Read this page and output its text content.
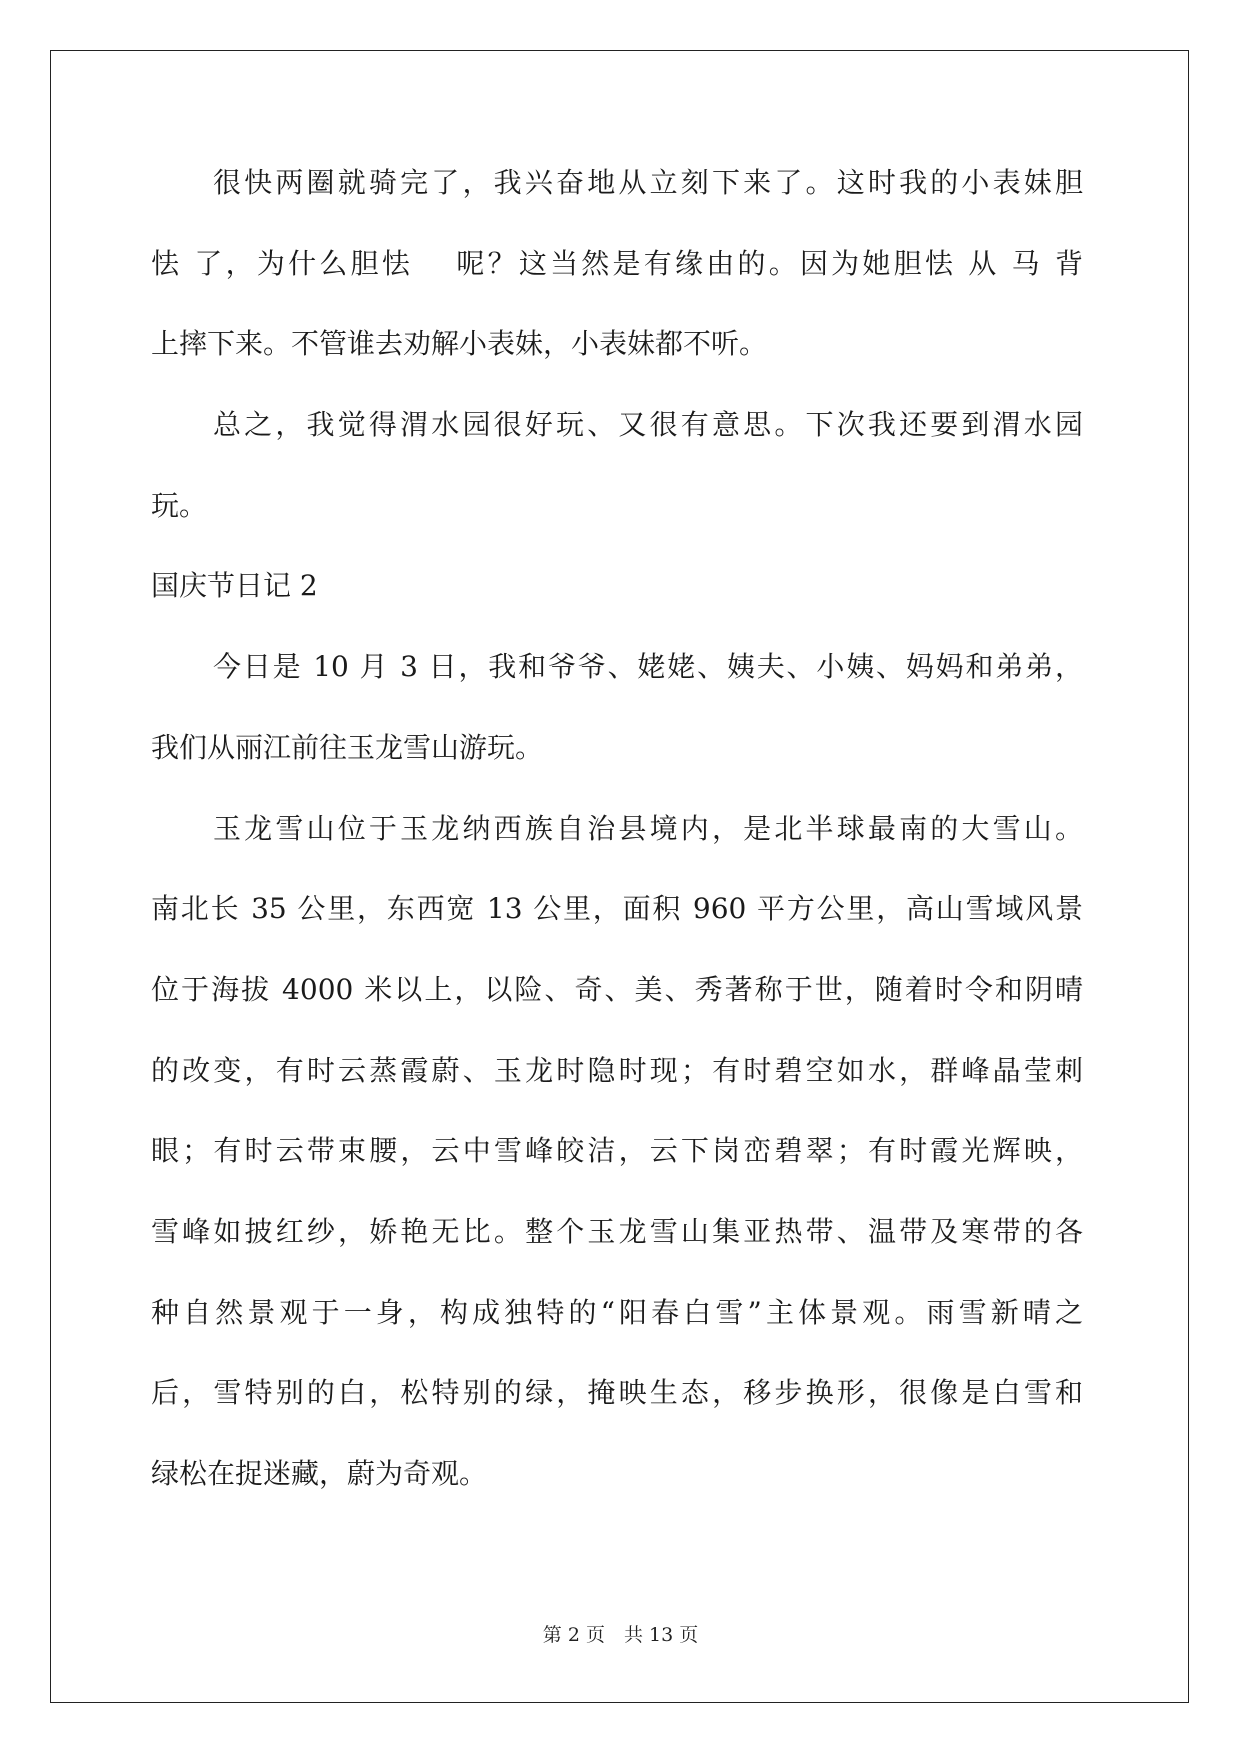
很快两圈就骑完了，我兴奋地从立刻下来了。这时我的小表妹胆
怯 了，为什么胆怯　 呢？这当然是有缘由的。因为她胆怯 从 马 背
上摔下来。不管谁去劝解小表妹，小表妹都不听。
总之，我觉得渭水园很好玩、又很有意思。下次我还要到渭水园
玩。
国庆节日记 2
今日是 10 月 3 日，我和爷爷、姥姥、姨夫、小姨、妈妈和弟弟，
我们从丽江前往玉龙雪山游玩。
玉龙雪山位于玉龙纳西族自治县境内，是北半球最南的大雪山。
南北长 35 公里，东西宽 13 公里，面积 960 平方公里，高山雪域风景
位于海拔 4000 米以上，以险、奇、美、秀著称于世，随着时令和阴晴
的改变，有时云蒸霞蔚、玉龙时隐时现；有时碧空如水，群峰晶莹刺
眼；有时云带束腰，云中雪峰皎洁，云下岗峦碧翠；有时霞光辉映，
雪峰如披红纱，娇艳无比。整个玉龙雪山集亚热带、温带及寒带的各
种自然景观于一身，构成独特的“阳春白雪”主体景观。雨雪新晴之
后，雪特别的白，松特别的绿，掩映生态，移步换形，很像是白雪和
绿松在捉迷藏，蔚为奇观。
第 2 页　共 13 页
